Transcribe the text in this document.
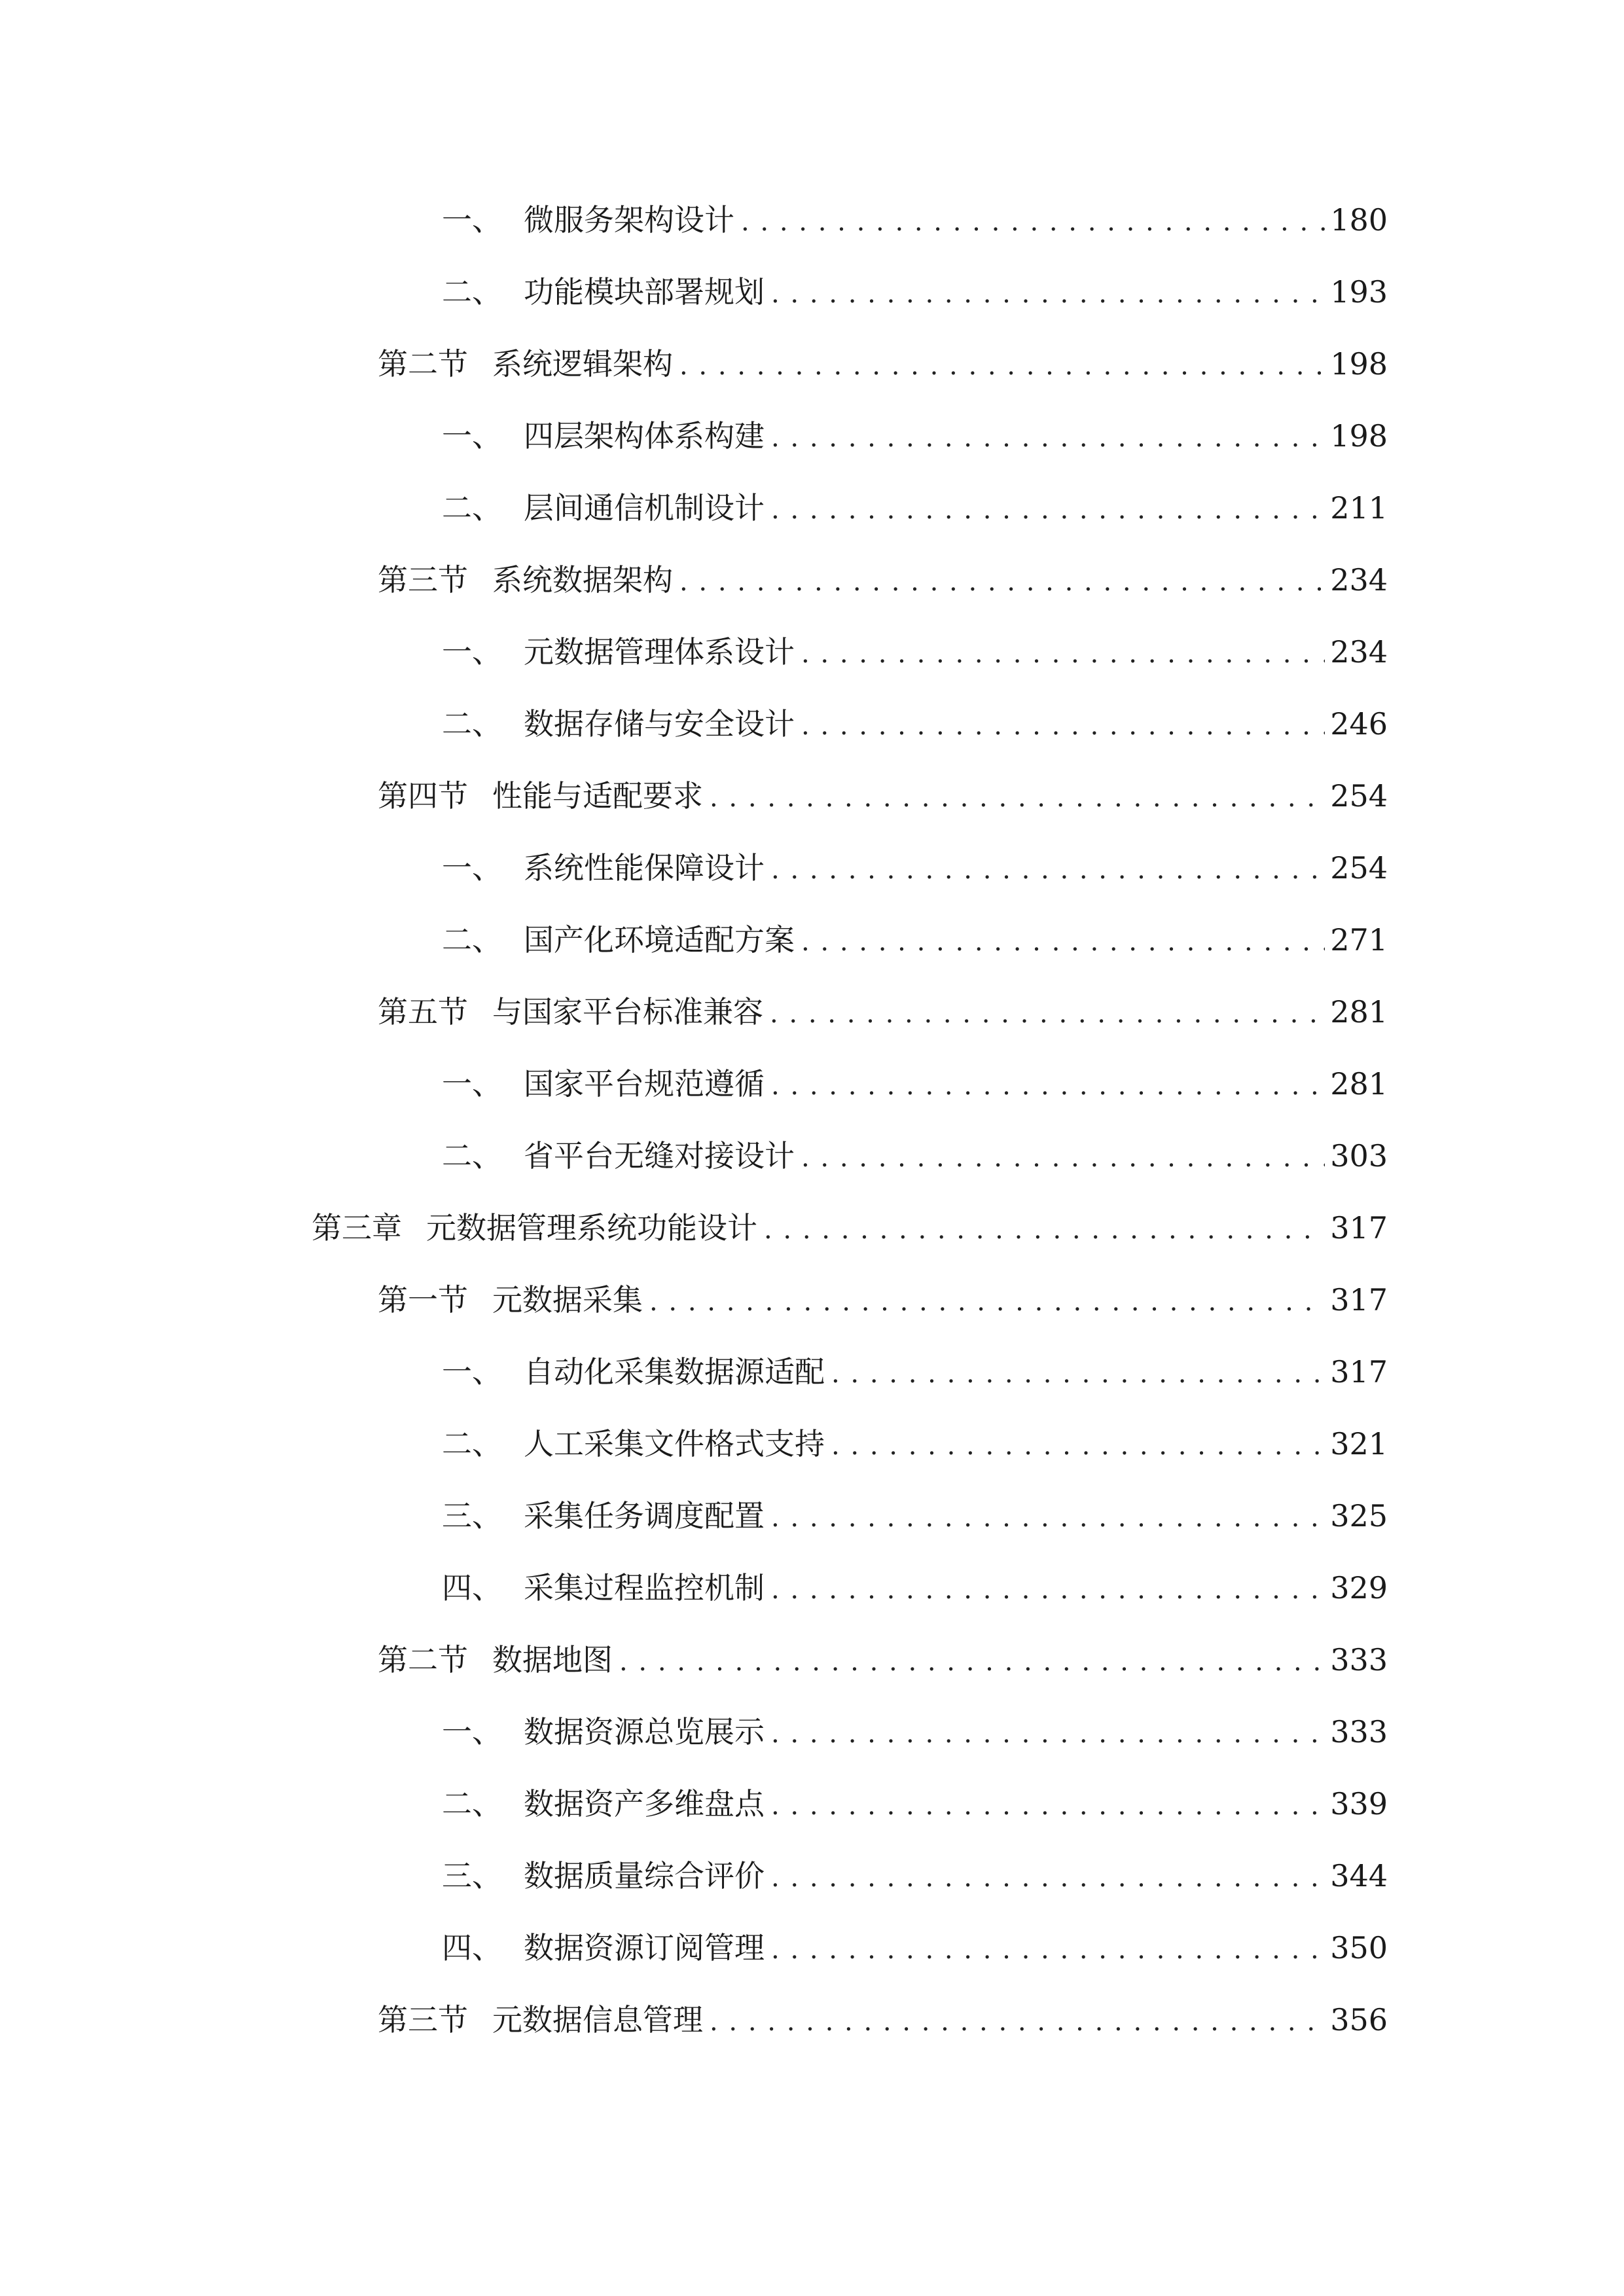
一、 微服务架构设计 . . .	180
二、 功能模块部署规划 . . .	193
第二节 系统逻辑架构 . . .	198
一、 四层架构体系构建 . . .	198
二、 层间通信机制设计 . . .	211
第三节 系统数据架构 . . .	234
一、 元数据管理体系设计 . . .	234
二、 数据存储与安全设计 . . .	246
第四节 性能与适配要求 . . .	254
一、 系统性能保障设计 . . .	254
二、 国产化环境适配方案 . . .	271
第五节 与国家平台标准兼容 . . .	281
一、 国家平台规范遵循 . . .	281
二、 省平台无缝对接设计 . . .	303
第三章 元数据管理系统功能设计 . . .	317
第一节 元数据采集 . . .	317
一、 自动化采集数据源适配 . . .	317
二、 人工采集文件格式支持 . . .	321
三、 采集任务调度配置 . . .	325
四、 采集过程监控机制 . . .	329
第二节 数据地图 . . .	333
一、 数据资源总览展示 . . .	333
二、 数据资产多维盘点 . . .	339
三、 数据质量综合评价 . . .	344
四、 数据资源订阅管理 . . .	350
第三节 元数据信息管理 . . .	356
